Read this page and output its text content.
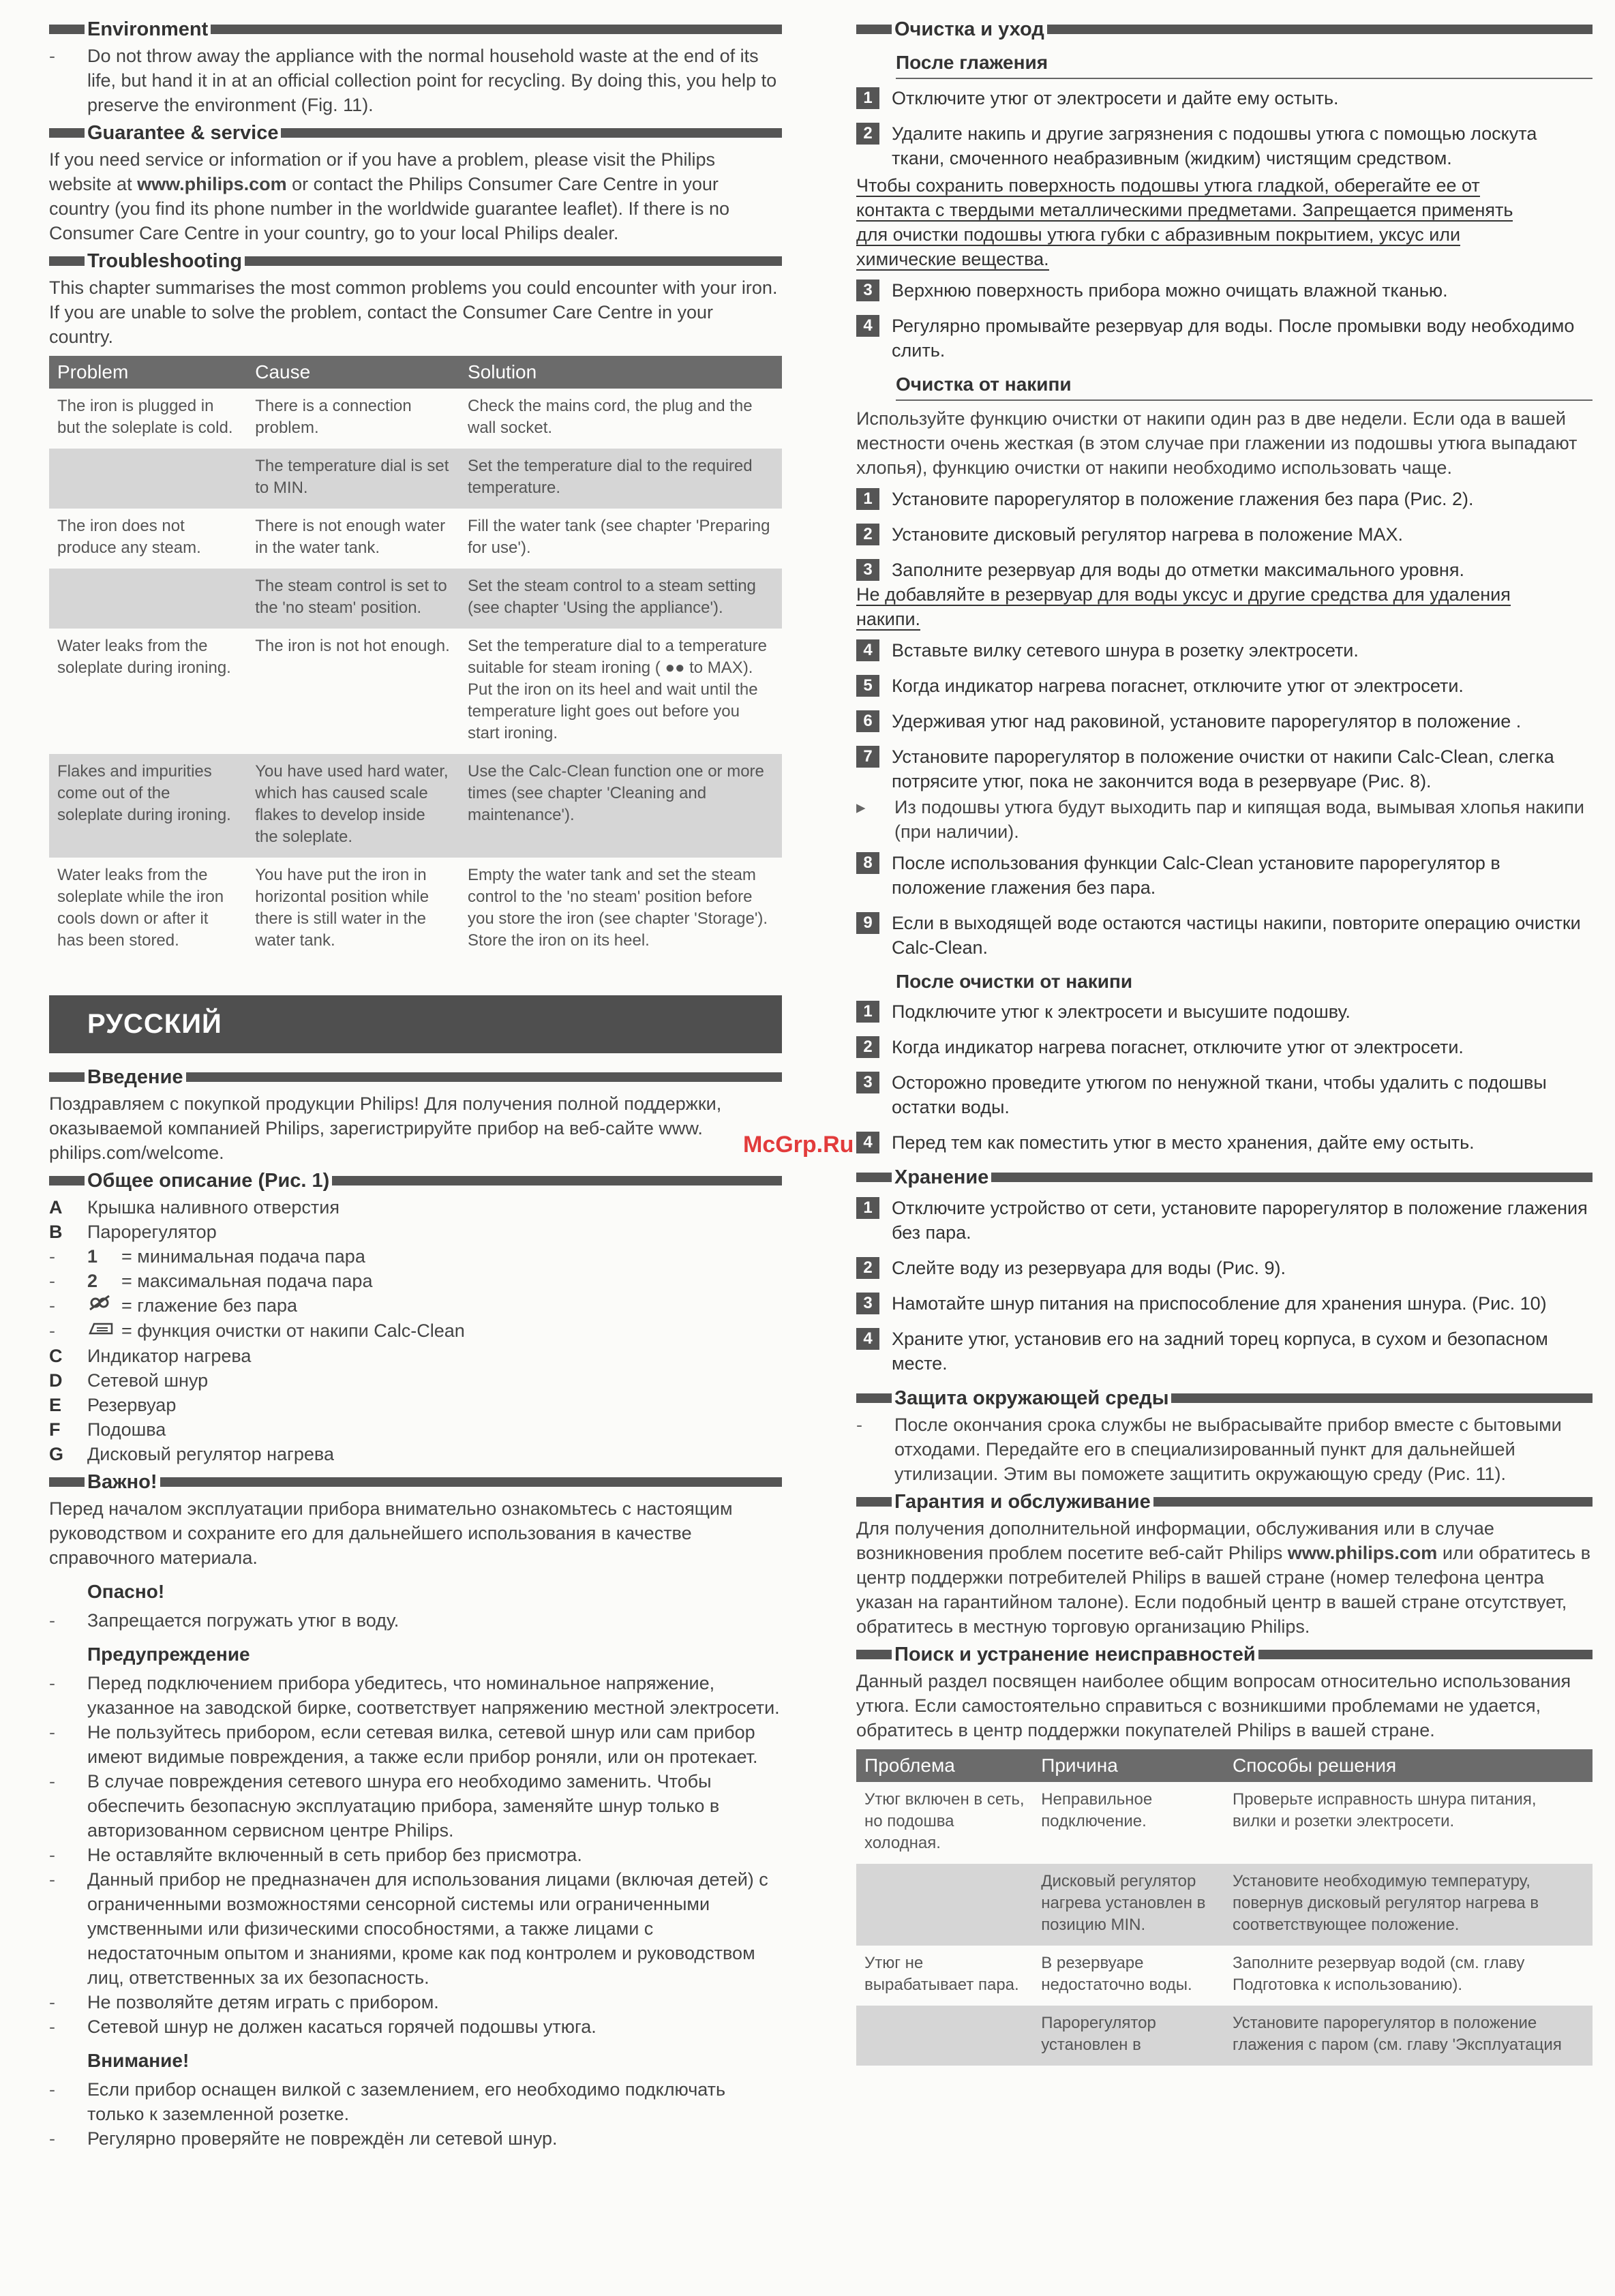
McGrp.Ru
Environment
-	Do not throw away the appliance with the normal household waste at the end of its life, but hand it in at an official collection point for recycling. By doing this, you help to preserve the environment (Fig. 11).
Guarantee & service

If you need service or information or if you have a problem, please visit the Philips website at www.philips.com or contact the Philips Consumer Care Centre in your country (you find its phone number in the worldwide guarantee leaflet). If there is no Consumer Care Centre in your country, go to your local Philips dealer.

Troubleshooting

This chapter summarises the most common problems you could encounter with your iron. If you are unable to solve the problem, contact the Consumer Care Centre in your country.

Problem	Cause	Solution
The iron is plugged in but the soleplate is cold.	There is a connection problem.	Check the mains cord, the plug and the wall socket.
	The temperature dial is set to MIN.	Set the temperature dial to the required temperature.
The iron does not produce any steam.	There is not enough water in the water tank.	Fill the water tank (see chapter 'Preparing for use').
	The steam control is set to the 'no steam' position.	Set the steam control to a steam setting (see chapter 'Using the appliance').
Water leaks from the soleplate during ironing.	The iron is not hot enough.	Set the temperature dial to a temperature suitable for steam ironing ( ●● to MAX). Put the iron on its heel and wait until the temperature light goes out before you start ironing.
Flakes and impurities come out of the soleplate during ironing.	You have used hard water, which has caused scale flakes to develop inside the soleplate.	Use the Calc-Clean function one or more times (see chapter 'Cleaning and maintenance').
Water leaks from the soleplate while the iron cools down or after it has been stored.	You have put the iron in horizontal position while there is still water in the water tank.	Empty the water tank and set the steam control to the 'no steam' position before you store the iron (see chapter 'Storage'). Store the iron on its heel.
РУССКИЙ
Введение

Поздравляем с покупкой продукции Philips! Для получения полной поддержки, оказываемой компанией Philips, зарегистрируйте прибор на веб-сайте www. philips.com/welcome.

Общее описание (Рис. 1)
A	Крышка наливного отверстия
B	Парорегулятор
-	1	= минимальная подача пара
-	2	= максимальная подача пара
-	= глажение без пара
-	= функция очистки от накипи Calc-Clean
C	Индикатор нагрева
D	Сетевой шнур
E	Резервуар
F	Подошва
G	Дисковый регулятор нагрева
Важно!

Перед началом эксплуатации прибора внимательно ознакомьтесь с настоящим руководством и сохраните его для дальнейшего использования в качестве справочного материала.

Опасно!
-	Запрещается погружать утюг в воду.
Предупреждение
-	Перед подключением прибора убедитесь, что номинальное напряжение, указанное на заводской бирке, соответствует напряжению местной электросети.
-	Не пользуйтесь прибором, если сетевая вилка, сетевой шнур или сам прибор имеют видимые повреждения, а также если прибор роняли, или он протекает.
-	В случае повреждения сетевого шнура его необходимо заменить. Чтобы обеспечить безопасную эксплуатацию прибора, заменяйте шнур только в авторизованном сервисном центре Philips.
-	Не оставляйте включенный в сеть прибор без присмотра.
-	Данный прибор не предназначен для использования лицами (включая детей) с ограниченными возможностями сенсорной системы или ограниченными умственными или физическими способностями, а также лицами с недостаточным опытом и знаниями, кроме как под контролем и руководством лиц, ответственных за их безопасность.
-	Не позволяйте детям играть с прибором.
-	Сетевой шнур не должен касаться горячей подошвы утюга.
Внимание!
-	Если прибор оснащен вилкой с заземлением, его необходимо подключать только к заземленной розетке.
-	Регулярно проверяйте не повреждён ли сетевой шнур.
Очистка и уход
После глажения
1	Отключите утюг от электросети и дайте ему остыть.
2	Удалите накипь и другие загрязнения с подошвы утюга с помощью лоскута ткани, смоченного неабразивным (жидким) чистящим средством.
Чтобы сохранить поверхность подошвы утюга гладкой, оберегайте ее от
контакта с твердыми металлическими предметами. Запрещается применять
для очистки подошвы утюга губки с абразивным покрытием, уксус или
химические вещества.
3	Верхнюю поверхность прибора можно очищать влажной тканью.
4	Регулярно промывайте резервуар для воды. После промывки воду необходимо слить.
Очистка от накипи

Используйте функцию очистки от накипи один раз в две недели. Если ода в вашей местности очень жесткая (в этом случае при глажении из подошвы утюга выпадают хлопья), функцию очистки от накипи необходимо использовать чаще.

1	Установите парорегулятор в положение глажения без пара (Рис. 2).
2	Установите дисковый регулятор нагрева в положение MAX.
3	Заполните резервуар для воды до отметки максимального уровня.
Не добавляйте в резервуар для воды уксус и другие средства для удаления
накипи.
4	Вставьте вилку сетевого шнура в розетку электросети.
5	Когда индикатор нагрева погаснет, отключите утюг от электросети.
6	Удерживая утюг над раковиной, установите парорегулятор в положение .
7	Установите парорегулятор в положение очистки от накипи Calc-Clean, слегка потрясите утюг, пока не закончится вода в резервуаре (Рис. 8).
▸	Из подошвы утюга будут выходить пар и кипящая вода, вымывая хлопья накипи (при наличии).
8	После использования функции Calc-Clean установите парорегулятор в положение глажения без пара.
9	Если в выходящей воде остаются частицы накипи, повторите операцию очистки Calc-Clean.
После очистки от накипи
1	Подключите утюг к электросети и высушите подошву.
2	Когда индикатор нагрева погаснет, отключите утюг от электросети.
3	Осторожно проведите утюгом по ненужной ткани, чтобы удалить с подошвы остатки воды.
4	Перед тем как поместить утюг в место хранения, дайте ему остыть.
Хранение
1	Отключите устройство от сети, установите парорегулятор в положение глажения без пара.
2	Слейте воду из резервуара для воды (Рис. 9).
3	Намотайте шнур питания на приспособление для хранения шнура. (Рис. 10)
4	Храните утюг, установив его на задний торец корпуса, в сухом и безопасном месте.
Защита окружающей среды
-	После окончания срока службы не выбрасывайте прибор вместе с бытовыми отходами. Передайте его в специализированный пункт для дальнейшей утилизации. Этим вы поможете защитить окружающую среду (Рис. 11).
Гарантия и обслуживание

Для получения дополнительной информации, обслуживания или в случае возникновения проблем посетите веб-сайт Philips www.philips.com или обратитесь в центр поддержки потребителей Philips в вашей стране (номер телефона центра указан на гарантийном талоне). Если подобный центр в вашей стране отсутствует, обратитесь в местную торговую организацию Philips.

Поиск и устранение неисправностей

Данный раздел посвящен наиболее общим вопросам относительно использования утюга. Если самостоятельно справиться с возникшими проблемами не удается, обратитесь в центр поддержки покупателей Philips в вашей стране.

Проблема	Причина	Способы решения
Утюг включен в сеть, но подошва холодная.	Неправильное подключение.	Проверьте исправность шнура питания, вилки и розетки электросети.
	Дисковый регулятор нагрева установлен в позицию MIN.	Установите необходимую температуру, повернув дисковый регулятор нагрева в соответствующее положение.
Утюг не вырабатывает пара.	В резервуаре недостаточно воды.	Заполните резервуар водой (см. главу Подготовка к использованию).
	Парорегулятор установлен в	Установите парорегулятор в положение глажения с паром (см. главу 'Эксплуатация
